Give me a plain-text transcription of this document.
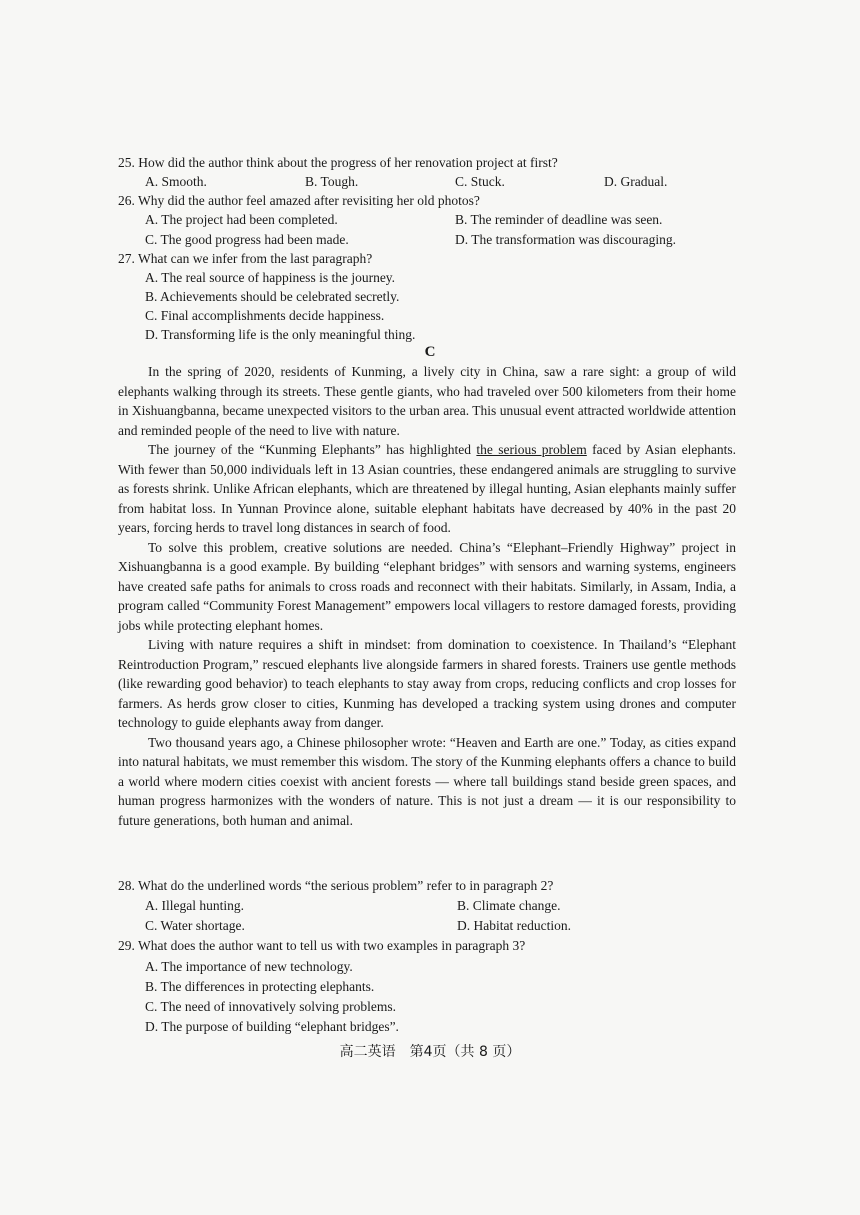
25. How did the author think about the progress of her renovation project at first?
A. Smooth.	B. Tough.	C. Stuck.	D. Gradual.
26. Why did the author feel amazed after revisiting her old photos?
A. The project had been completed.	B. The reminder of deadline was seen.
C. The good progress had been made.	D. The transformation was discouraging.
27. What can we infer from the last paragraph?
A. The real source of happiness is the journey.
B. Achievements should be celebrated secretly.
C. Final accomplishments decide happiness.
D. Transforming life is the only meaningful thing.
C

In the spring of 2020, residents of Kunming, a lively city in China, saw a rare sight: a group of wild elephants walking through its streets. These gentle giants, who had traveled over 500 kilometers from their home in Xishuangbanna, became unexpected visitors to the urban area. This unusual event attracted worldwide attention and reminded people of the need to live with nature.

The journey of the “Kunming Elephants” has highlighted the serious problem faced by Asian elephants. With fewer than 50,000 individuals left in 13 Asian countries, these endangered animals are struggling to survive as forests shrink. Unlike African elephants, which are threatened by illegal hunting, Asian elephants mainly suffer from habitat loss. In Yunnan Province alone, suitable elephant habitats have decreased by 40% in the past 20 years, forcing herds to travel long distances in search of food.

To solve this problem, creative solutions are needed. China’s “Elephant–Friendly Highway” project in Xishuangbanna is a good example. By building “elephant bridges” with sensors and warning systems, engineers have created safe paths for animals to cross roads and reconnect with their habitats. Similarly, in Assam, India, a program called “Community Forest Management” empowers local villagers to restore damaged forests, providing jobs while protecting elephant homes.

Living with nature requires a shift in mindset: from domination to coexistence. In Thailand’s “Elephant Reintroduction Program,” rescued elephants live alongside farmers in shared forests. Trainers use gentle methods (like rewarding good behavior) to teach elephants to stay away from crops, reducing conflicts and crop losses for farmers. As herds grow closer to cities, Kunming has developed a tracking system using drones and computer technology to guide elephants away from danger.

Two thousand years ago, a Chinese philosopher wrote: “Heaven and Earth are one.” Today, as cities expand into natural habitats, we must remember this wisdom. The story of the Kunming elephants offers a chance to build a world where modern cities coexist with ancient forests — where tall buildings stand beside green spaces, and human progress harmonizes with the wonders of nature. This is not just a dream — it is our responsibility to future generations, both human and animal.

28. What do the underlined words “the serious problem” refer to in paragraph 2?
A. Illegal hunting.	B. Climate change.
C. Water shortage.	D. Habitat reduction.
29. What does the author want to tell us with two examples in paragraph 3?
A. The importance of new technology.
B. The differences in protecting elephants.
C. The need of innovatively solving problems.
D. The purpose of building “elephant bridges”.
高二英语　第4页（共 8 页）
